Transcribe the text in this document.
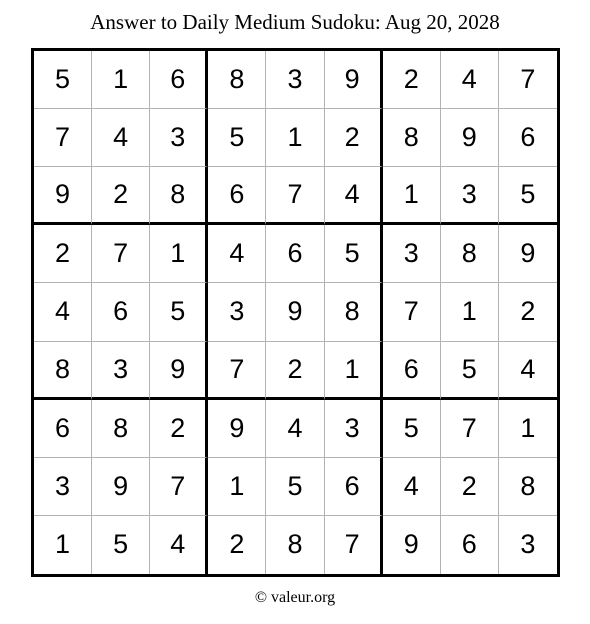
Answer to Daily Medium Sudoku: Aug 20, 2028
5	1	6	8	3	9	2	4	7
7	4	3	5	1	2	8	9	6
9	2	8	6	7	4	1	3	5
2	7	1	4	6	5	3	8	9
4	6	5	3	9	8	7	1	2
8	3	9	7	2	1	6	5	4
6	8	2	9	4	3	5	7	1
3	9	7	1	5	6	4	2	8
1	5	4	2	8	7	9	6	3
© valeur.org
